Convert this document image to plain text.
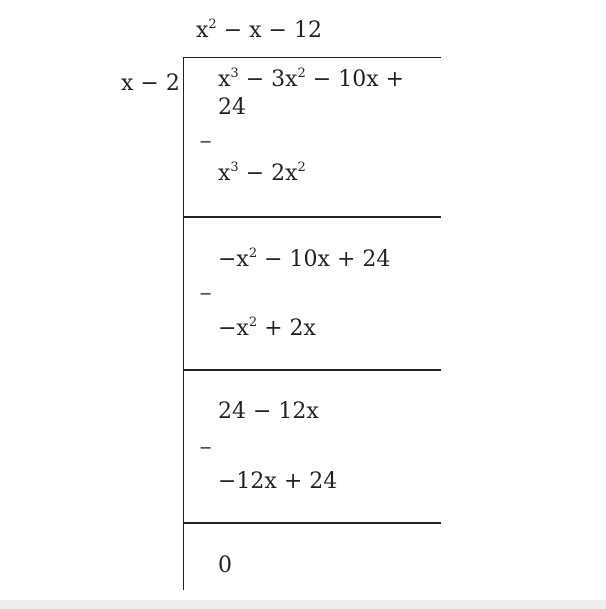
$x^2 - x - 12$
x − 2 $x^3 - 3x^2 - 10x$ +
24
−
$x^3 - 2x^2$
$-x^2 - 10x + 24$
−
$-x^2 + 2x$
24 − 12x
−
−12x + 24
0
